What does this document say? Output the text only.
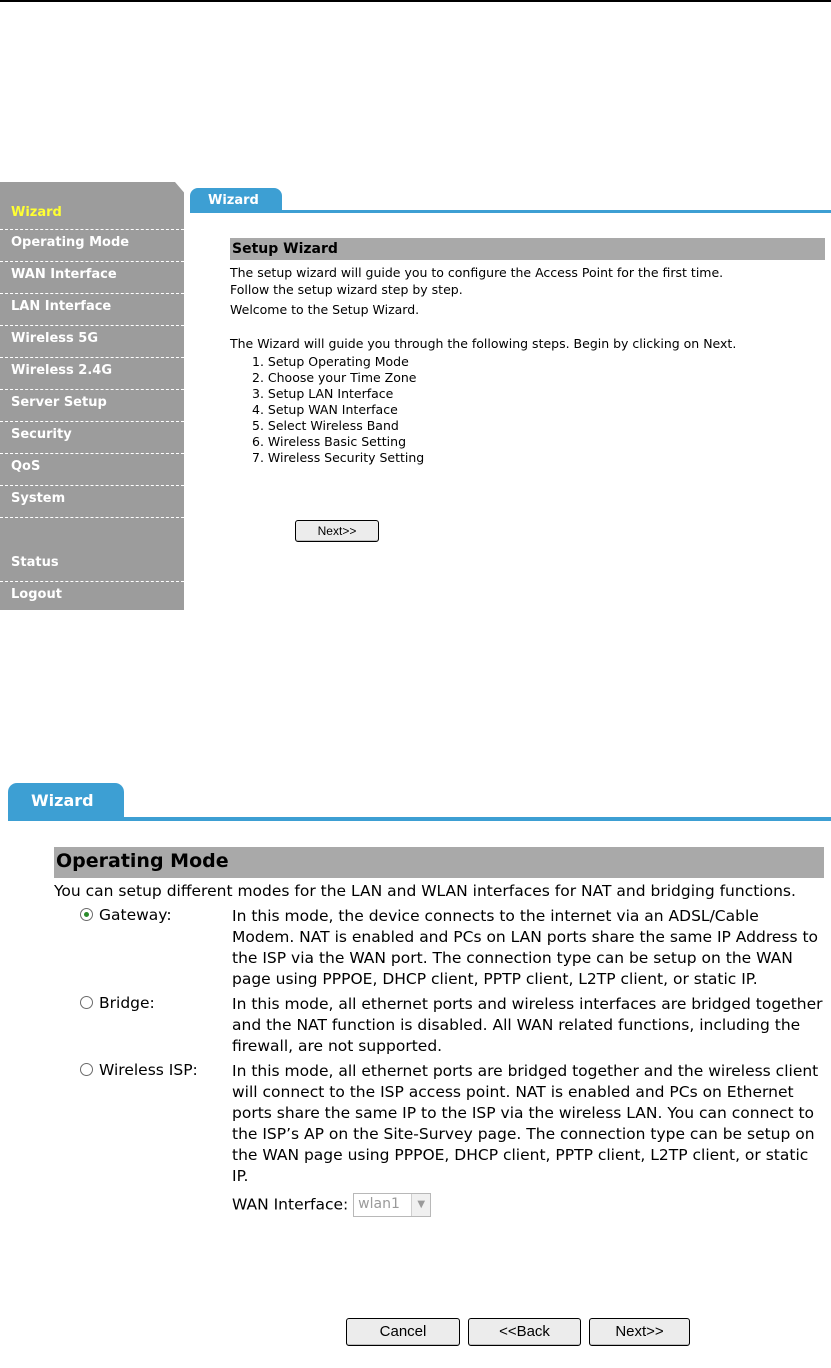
Wizard
Operating Mode
WAN Interface
LAN Interface
Wireless 5G
Wireless 2.4G
Server Setup
Security
QoS
System
Status
Logout
Wizard
Setup Wizard

The setup wizard will guide you to configure the Access Point for the first time.
Follow the setup wizard step by step.

Welcome to the Setup Wizard.

The Wizard will guide you through the following steps. Begin by clicking on Next.

1. Setup Operating Mode
2. Choose your Time Zone
3. Setup LAN Interface
4. Setup WAN Interface
5. Select Wireless Band
6. Wireless Basic Setting
7. Wireless Security Setting
Next>>
Wizard
Operating Mode

You can setup different modes for the LAN and WLAN interfaces for NAT and bridging functions.

Gateway:	In this mode, the device connects to the internet via an ADSL/Cable Modem. NAT is enabled and PCs on LAN ports share the same IP Address to the ISP via the WAN port. The connection type can be setup on the WAN page using PPPOE, DHCP client, PPTP client, L2TP client, or static IP.
Bridge:	In this mode, all ethernet ports and wireless interfaces are bridged together and the NAT function is disabled. All WAN related functions, including the firewall, are not supported.
Wireless ISP:	In this mode, all ethernet ports are bridged together and the wireless client will connect to the ISP access point. NAT is enabled and PCs on Ethernet ports share the same IP to the ISP via the wireless LAN. You can connect to the ISP’s AP on the Site-Survey page. The connection type can be setup on the WAN page using PPPOE, DHCP client, PPTP client, L2TP client, or static IP.
WAN Interface: wlan1	▼
Cancel	<<Back	Next>>
